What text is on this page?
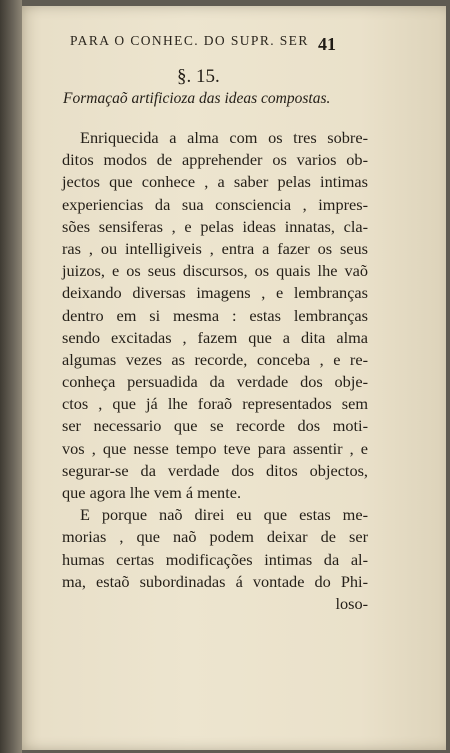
PARA O CONHEC. DO SUPR. SER 41
§. 15.
Formaçaõ artificioza das ideas compostas.
Enriquecida a alma com os tres sobre-
ditos modos de apprehender os varios ob-
jectos que conhece , a saber pelas intimas
experiencias da sua consciencia , impres-
sões sensiferas , e pelas ideas innatas, cla-
ras , ou intelligiveis , entra a fazer os seus
juizos, e os seus discursos, os quais lhe vaõ
deixando diversas imagens , e lembranças
dentro em si mesma : estas lembranças
sendo excitadas , fazem que a dita alma
algumas vezes as recorde, conceba , e re-
conheça persuadida da verdade dos obje-
ctos , que já lhe foraõ representados sem
ser necessario que se recorde dos moti-
vos , que nesse tempo teve para assentir , e
segurar-se da verdade dos ditos objectos,
que agora lhe vem á mente.
E porque naõ direi eu que estas me-
morias , que naõ podem deixar de ser
humas certas modificações intimas da al-
ma, estaõ subordinadas á vontade do Phi-
loso-
